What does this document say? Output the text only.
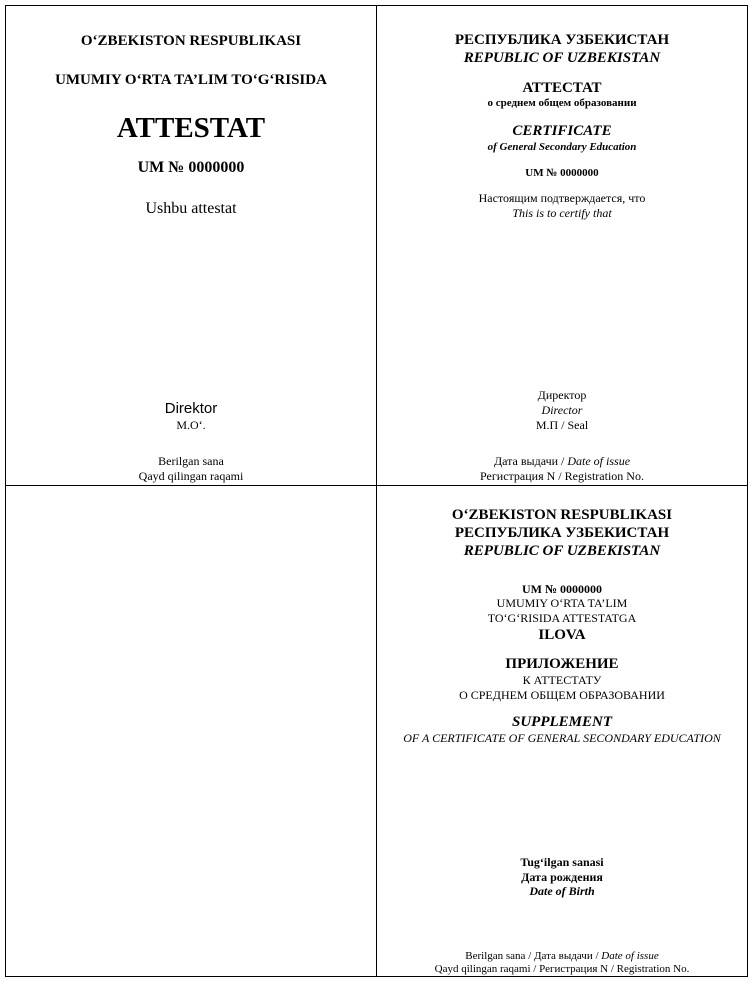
O‘ZBEKISTON RESPUBLIKASI
UMUMIY O‘RTA TA’LIM TO‘G‘RISIDA
ATTESTAT
UM № 0000000
Ushbu attestat
Direktor
M.O‘.
Berilgan sana
Qayd qilingan raqami
РЕСПУБЛИКА УЗБЕКИСТАН
REPUBLIC OF UZBEKISTAN
АТТЕСТАТ
о среднем общем образовании
CERTIFICATE
of General Secondary Education
UM № 0000000
Настоящим подтверждается, что
This is to certify that
Директор
Director
М.П / Seal
Дата выдачи / Date of issue
Регистрация N / Registration No.
O‘ZBEKISTON RESPUBLIKASI
РЕСПУБЛИКА УЗБЕКИСТАН
REPUBLIC OF UZBEKISTAN
UM № 0000000
UMUMIY O‘RTA TA’LIM
TO‘G‘RISIDA ATTESTATGA
ILOVA
ПРИЛОЖЕНИЕ
К АТТЕСТАТУ
О СРЕДНЕМ ОБЩЕМ ОБРАЗОВАНИИ
SUPPLEMENT
OF A CERTIFICATE OF GENERAL SECONDARY EDUCATION
Tug‘ilgan sanasi
Дата рождения
Date of Birth
Berilgan sana / Дата выдачи / Date of issue
Qayd qilingan raqami / Регистрация N / Registration No.
